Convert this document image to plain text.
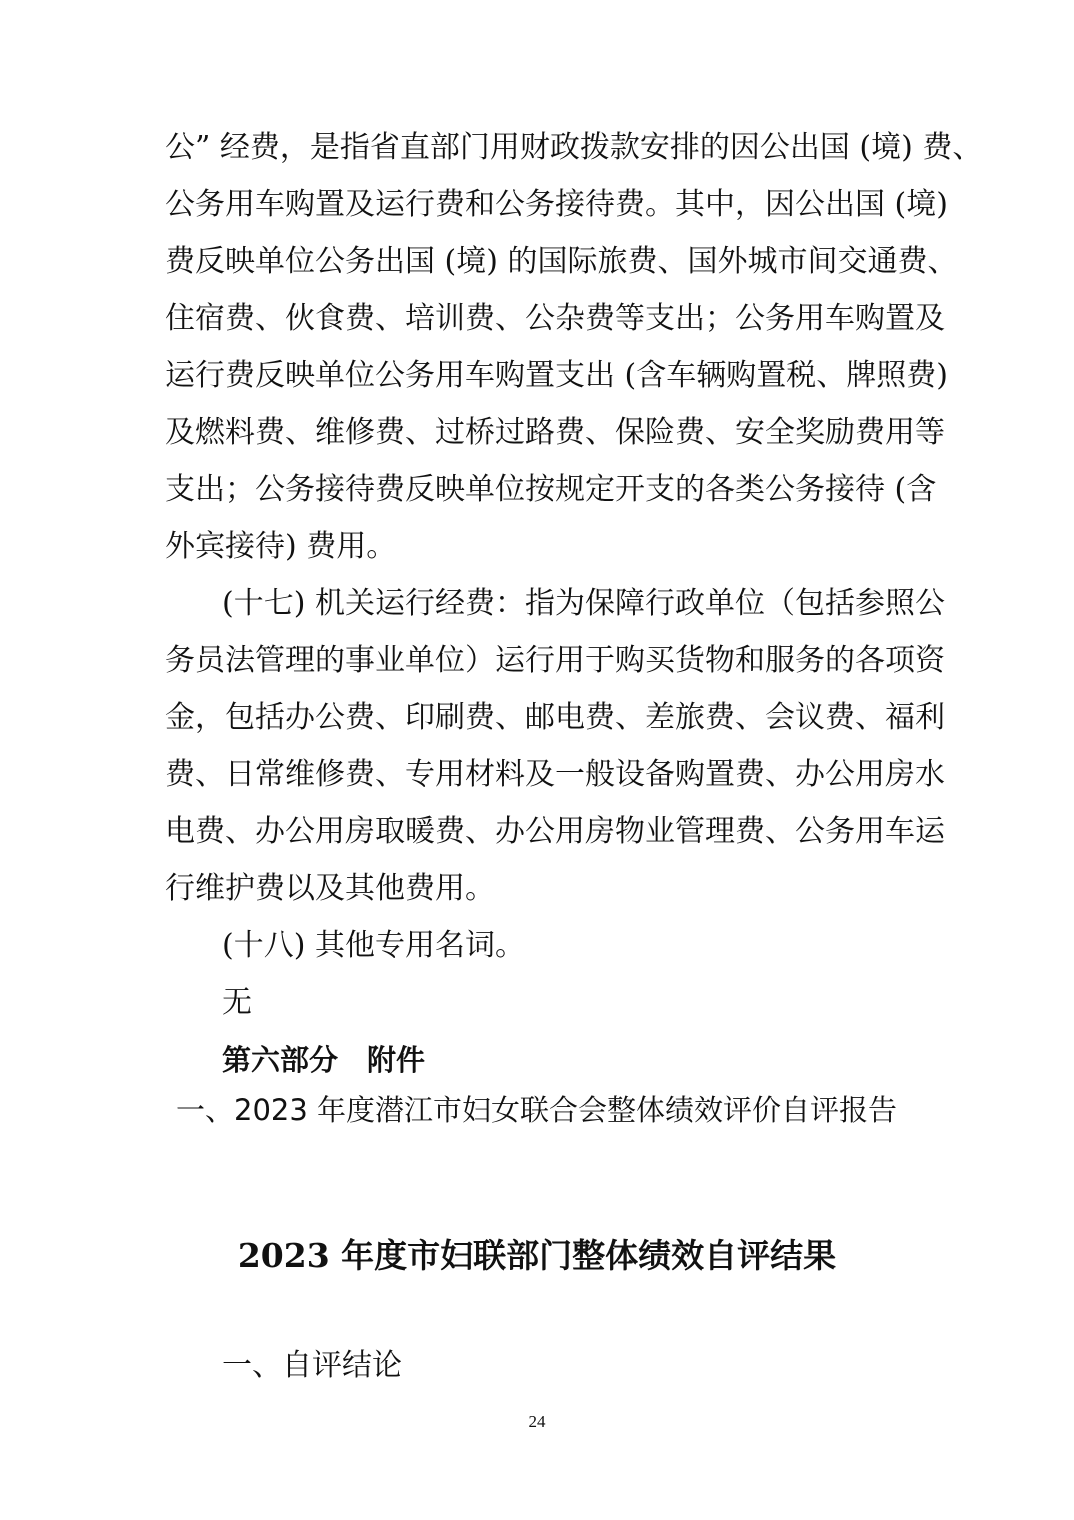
公” 经费，是指省直部门用财政拨款安排的因公出国 (境) 费、
公务用车购置及运行费和公务接待费。其中，因公出国 (境)
费反映单位公务出国 (境) 的国际旅费、国外城市间交通费、
住宿费、伙食费、培训费、公杂费等支出；公务用车购置及
运行费反映单位公务用车购置支出 (含车辆购置税、牌照费)
及燃料费、维修费、过桥过路费、保险费、安全奖励费用等
支出；公务接待费反映单位按规定开支的各类公务接待 (含
外宾接待) 费用。
(十七) 机关运行经费：指为保障行政单位（包括参照公
务员法管理的事业单位）运行用于购买货物和服务的各项资
金，包括办公费、印刷费、邮电费、差旅费、会议费、福利
费、日常维修费、专用材料及一般设备购置费、办公用房水
电费、办公用房取暖费、办公用房物业管理费、公务用车运
行维护费以及其他费用。
(十八) 其他专用名词。
无
第六部分　附件
一、2023 年度潜江市妇女联合会整体绩效评价自评报告
2023 年度市妇联部门整体绩效自评结果
一、自评结论
24
